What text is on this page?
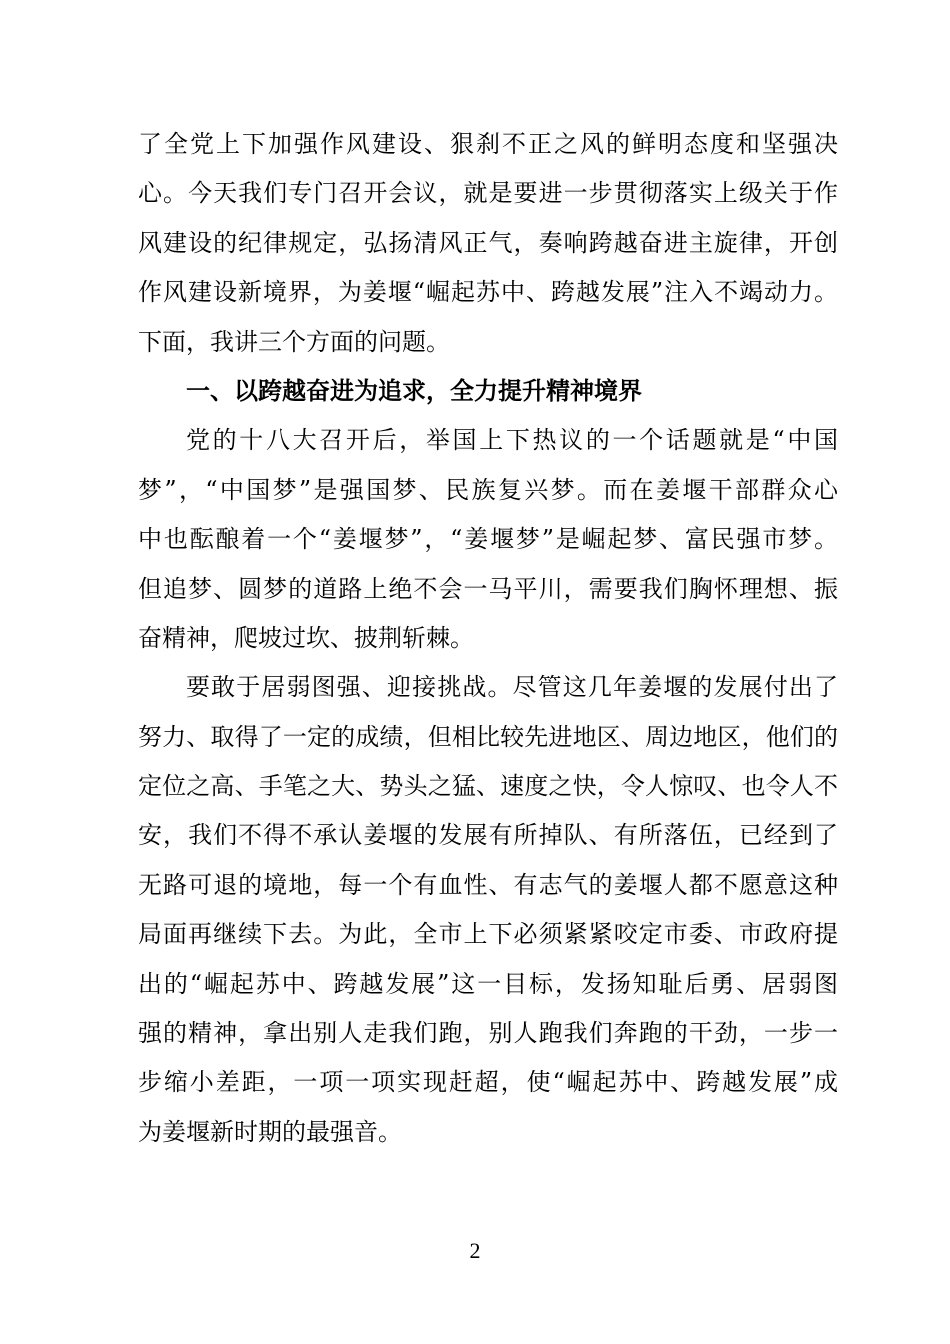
了全党上下加强作风建设、狠刹不正之风的鲜明态度和坚强决
心。今天我们专门召开会议，就是要进一步贯彻落实上级关于作
风建设的纪律规定，弘扬清风正气，奏响跨越奋进主旋律，开创
作风建设新境界，为姜堰“崛起苏中、跨越发展”注入不竭动力。
下面，我讲三个方面的问题。
一、以跨越奋进为追求，全力提升精神境界
党的十八大召开后，举国上下热议的一个话题就是“中国
梦”，“中国梦”是强国梦、民族复兴梦。而在姜堰干部群众心
中也酝酿着一个“姜堰梦”，“姜堰梦”是崛起梦、富民强市梦。
但追梦、圆梦的道路上绝不会一马平川，需要我们胸怀理想、振
奋精神，爬坡过坎、披荆斩棘。
要敢于居弱图强、迎接挑战。尽管这几年姜堰的发展付出了
努力、取得了一定的成绩，但相比较先进地区、周边地区，他们的
定位之高、手笔之大、势头之猛、速度之快，令人惊叹、也令人不
安，我们不得不承认姜堰的发展有所掉队、有所落伍，已经到了
无路可退的境地，每一个有血性、有志气的姜堰人都不愿意这种
局面再继续下去。为此，全市上下必须紧紧咬定市委、市政府提
出的“崛起苏中、跨越发展”这一目标，发扬知耻后勇、居弱图
强的精神，拿出别人走我们跑，别人跑我们奔跑的干劲，一步一
步缩小差距，一项一项实现赶超，使“崛起苏中、跨越发展”成
为姜堰新时期的最强音。
2
